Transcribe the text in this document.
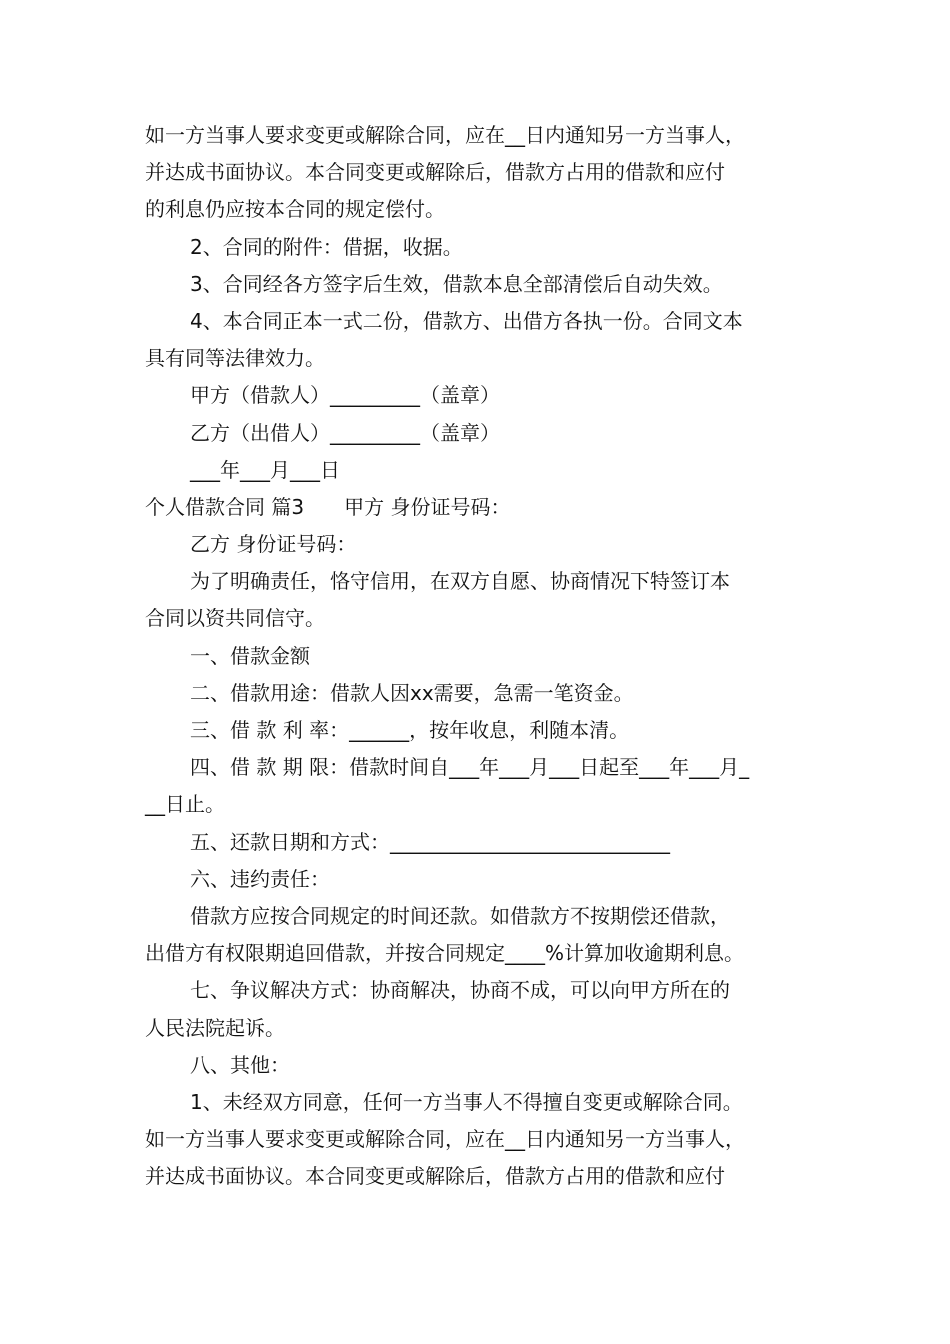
如一方当事人要求变更或解除合同，应在__日内通知另一方当事人，
并达成书面协议。本合同变更或解除后，借款方占用的借款和应付
的利息仍应按本合同的规定偿付。
2、合同的附件：借据，收据。
3、合同经各方签字后生效，借款本息全部清偿后自动失效。
4、本合同正本一式二份，借款方、出借方各执一份。合同文本
具有同等法律效力。
甲方（借款人）_________（盖章）
乙方（出借人）_________（盖章）
___年___月___日
个人借款合同 篇3 甲方 身份证号码：
乙方 身份证号码：
为了明确责任，恪守信用，在双方自愿、协商情况下特签订本
合同以资共同信守。
一、借款金额
二、借款用途：借款人因xx需要，急需一笔资金。
三、借 款 利 率：______，按年收息，利随本清。
四、借 款 期 限：借款时间自___年___月___日起至___年___月_
__日止。
五、还款日期和方式：____________________________
六、违约责任：
借款方应按合同规定的时间还款。如借款方不按期偿还借款，
出借方有权限期追回借款，并按合同规定____%计算加收逾期利息。
七、争议解决方式：协商解决，协商不成，可以向甲方所在的
人民法院起诉。
八、其他：
1、未经双方同意，任何一方当事人不得擅自变更或解除合同。
如一方当事人要求变更或解除合同，应在__日内通知另一方当事人，
并达成书面协议。本合同变更或解除后，借款方占用的借款和应付
